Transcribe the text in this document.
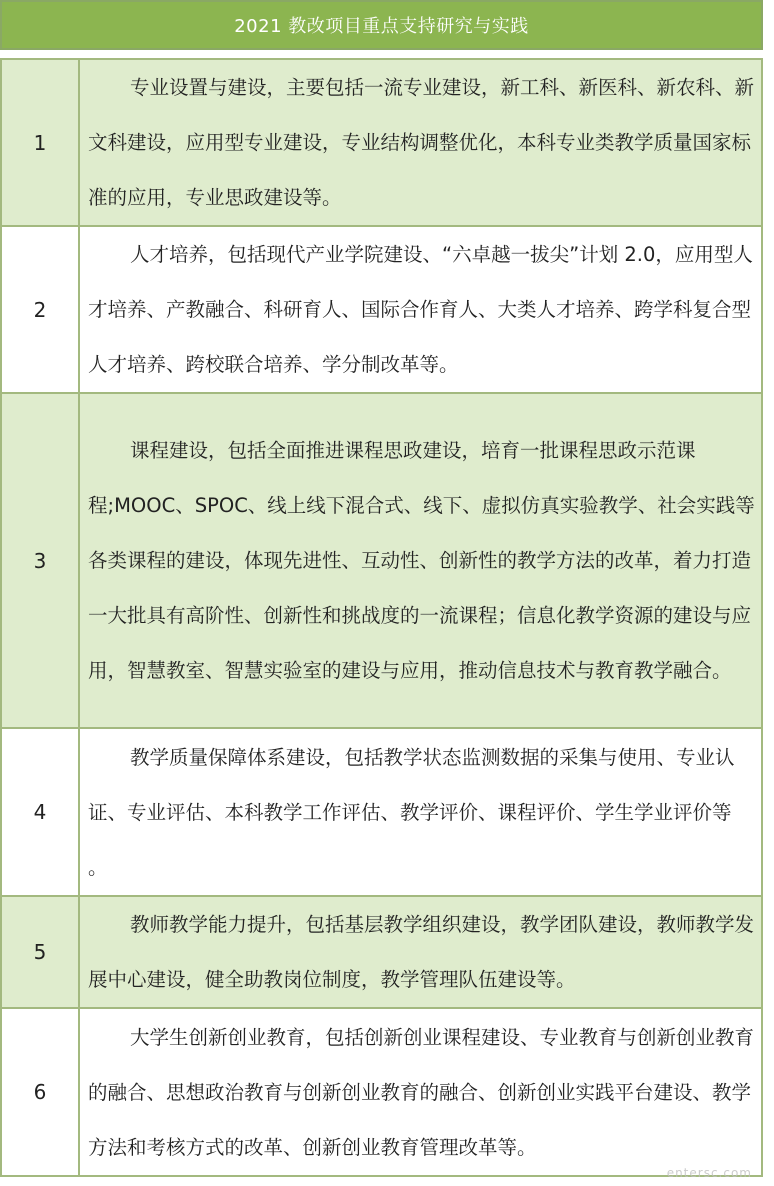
2021 教改项目重点支持研究与实践
1	专业设置与建设，主要包括一流专业建设，新工科、新医科、新农科、新文科建设，应用型专业建设，专业结构调整优化，本科专业类教学质量国家标准的应用，专业思政建设等。
2	人才培养，包括现代产业学院建设、“六卓越一拔尖”计划 2.0，应用型人才培养、产教融合、科研育人、国际合作育人、大类人才培养、跨学科复合型人才培养、跨校联合培养、学分制改革等。
3	课程建设，包括全面推进课程思政建设，培育一批课程思政示范课程;MOOC、SPOC、线上线下混合式、线下、虚拟仿真实验教学、社会实践等各类课程的建设，体现先进性、互动性、创新性的教学方法的改革，着力打造一大批具有高阶性、创新性和挑战度的一流课程；信息化教学资源的建设与应用，智慧教室、智慧实验室的建设与应用，推动信息技术与教育教学融合。
4	教学质量保障体系建设，包括教学状态监测数据的采集与使用、专业认证、专业评估、本科教学工作评估、教学评价、课程评价、学生学业评价等 。
5	教师教学能力提升，包括基层教学组织建设，教学团队建设，教师教学发展中心建设，健全助教岗位制度，教学管理队伍建设等。
6	大学生创新创业教育，包括创新创业课程建设、专业教育与创新创业教育的融合、思想政治教育与创新创业教育的融合、创新创业实践平台建设、教学方法和考核方式的改革、创新创业教育管理改革等。
entersc.com
